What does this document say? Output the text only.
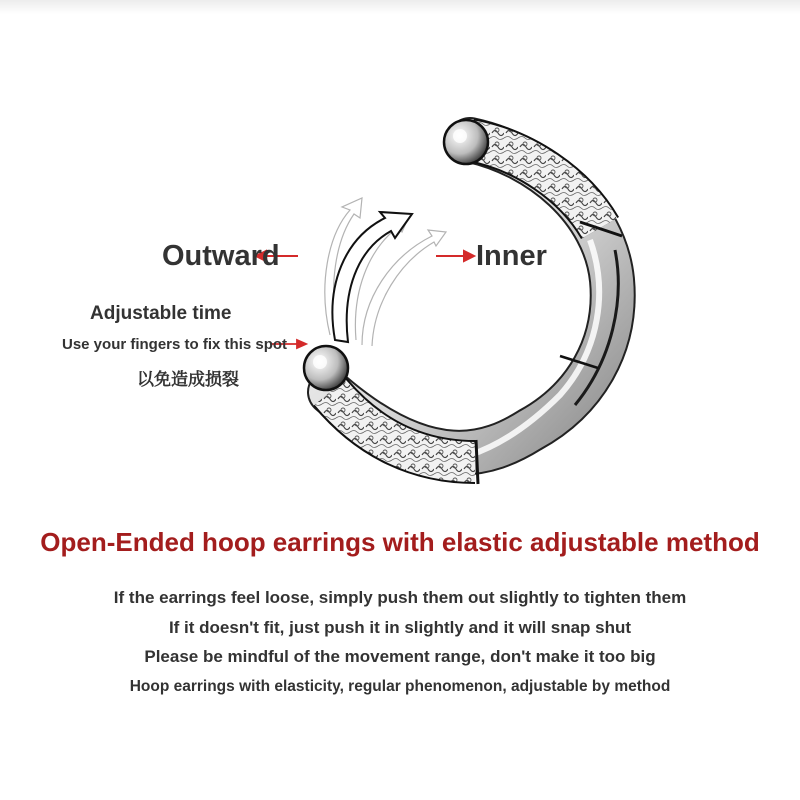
Outward	Inner
Adjustable time
Use your fingers to fix this spot
以免造成损裂
Open-Ended hoop earrings with elastic adjustable method
If the earrings feel loose, simply push them out slightly to tighten them
If it doesn't fit, just push it in slightly and it will snap shut
Please be mindful of the movement range, don't make it too big
Hoop earrings with elasticity, regular phenomenon, adjustable by method
